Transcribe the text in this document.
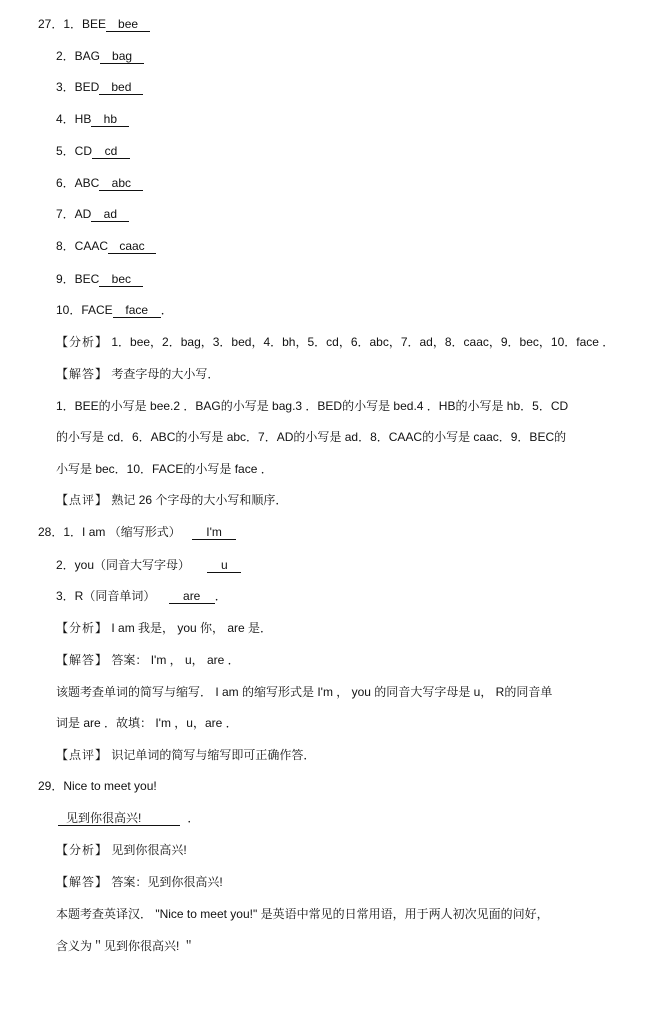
27．1．BEE bee
2．BAG bag
3．BED bed
4．HB hb
5．CD cd
6．ABC abc
7．AD ad
8．CAAC caac
9．BEC bec
10．FACE face ．
【分析】 1．bee，2．bag，3．bed，4．bh，5．cd，6．abc，7．ad，8．caac，9．bec，10．face ．
【解答】 考查字母的大小写．
1．BEE的小写是 bee.2 ．BAG的小写是 bag.3 ．BED的小写是 bed.4 ．HB的小写是 hb．5．CD
的小写是 cd．6．ABC的小写是 abc．7．AD的小写是 ad．8．CAAC的小写是 caac．9．BEC的
小写是 bec．10．FACE的小写是 face ．
【点评】 熟记 26 个字母的大小写和顺序．
28．1．I am （缩写形式） I'm
2．you（同音大写字母）	u
3．R（同音单词） are ．
【分析】 I am 我是， you 你， are 是．
【解答】 答案： I'm ， u， are ．
该题考查单词的简写与缩写． I am 的缩写形式是 I'm ， you 的同音大写字母是 u， R的同音单
词是 are ．故填： I'm ，u，are ．
【点评】 识记单词的简写与缩写即可正确作答．
29．Nice to meet you!
见到你很高兴!	．
【分析】 见到你很高兴!
【解答】 答案：见到你很高兴!
本题考查英译汉． "Nice to meet you!" 是英语中常见的日常用语，用于两人初次见面的问好，
含义为＂见到你很高兴! ＂
